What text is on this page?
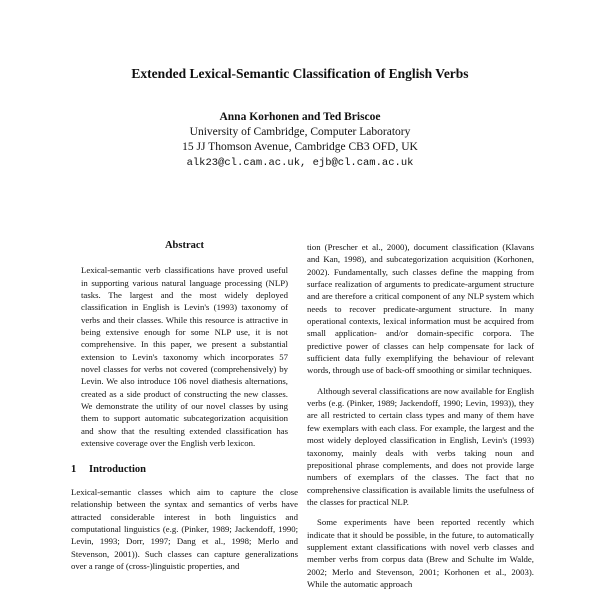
Extended Lexical-Semantic Classification of English Verbs
Anna Korhonen and Ted Briscoe
University of Cambridge, Computer Laboratory
15 JJ Thomson Avenue, Cambridge CB3 OFD, UK
alk23@cl.cam.ac.uk, ejb@cl.cam.ac.uk
Abstract

Lexical-semantic verb classifications have proved useful in supporting various natural language processing (NLP) tasks. The largest and the most widely deployed classification in English is Levin's (1993) taxonomy of verbs and their classes. While this resource is attractive in being extensive enough for some NLP use, it is not comprehensive. In this paper, we present a substantial extension to Levin's taxonomy which incorporates 57 novel classes for verbs not covered (comprehensively) by Levin. We also introduce 106 novel diathesis alternations, created as a side product of constructing the new classes. We demonstrate the utility of our novel classes by using them to support automatic subcategorization acquisition and show that the resulting extended classification has extensive coverage over the English verb lexicon.

1 Introduction

Lexical-semantic classes which aim to capture the close relationship between the syntax and semantics of verbs have attracted considerable interest in both linguistics and computational linguistics (e.g. (Pinker, 1989; Jackendoff, 1990; Levin, 1993; Dorr, 1997; Dang et al., 1998; Merlo and Stevenson, 2001)). Such classes can capture generalizations over a range of (cross-)linguistic properties, and

tion (Prescher et al., 2000), document classification (Klavans and Kan, 1998), and subcategorization acquisition (Korhonen, 2002). Fundamentally, such classes define the mapping from surface realization of arguments to predicate-argument structure and are therefore a critical component of any NLP system which needs to recover predicate-argument structure. In many operational contexts, lexical information must be acquired from small application- and/or domain-specific corpora. The predictive power of classes can help compensate for lack of sufficient data fully exemplifying the behaviour of relevant words, through use of back-off smoothing or similar techniques.

Although several classifications are now available for English verbs (e.g. (Pinker, 1989; Jackendoff, 1990; Levin, 1993)), they are all restricted to certain class types and many of them have few exemplars with each class. For example, the largest and the most widely deployed classification in English, Levin's (1993) taxonomy, mainly deals with verbs taking noun and prepositional phrase complements, and does not provide large numbers of exemplars of the classes. The fact that no comprehensive classification is available limits the usefulness of the classes for practical NLP.

Some experiments have been reported recently which indicate that it should be possible, in the future, to automatically supplement extant classifications with novel verb classes and member verbs from corpus data (Brew and Schulte im Walde, 2002; Merlo and Stevenson, 2001; Korhonen et al., 2003). While the automatic approach
